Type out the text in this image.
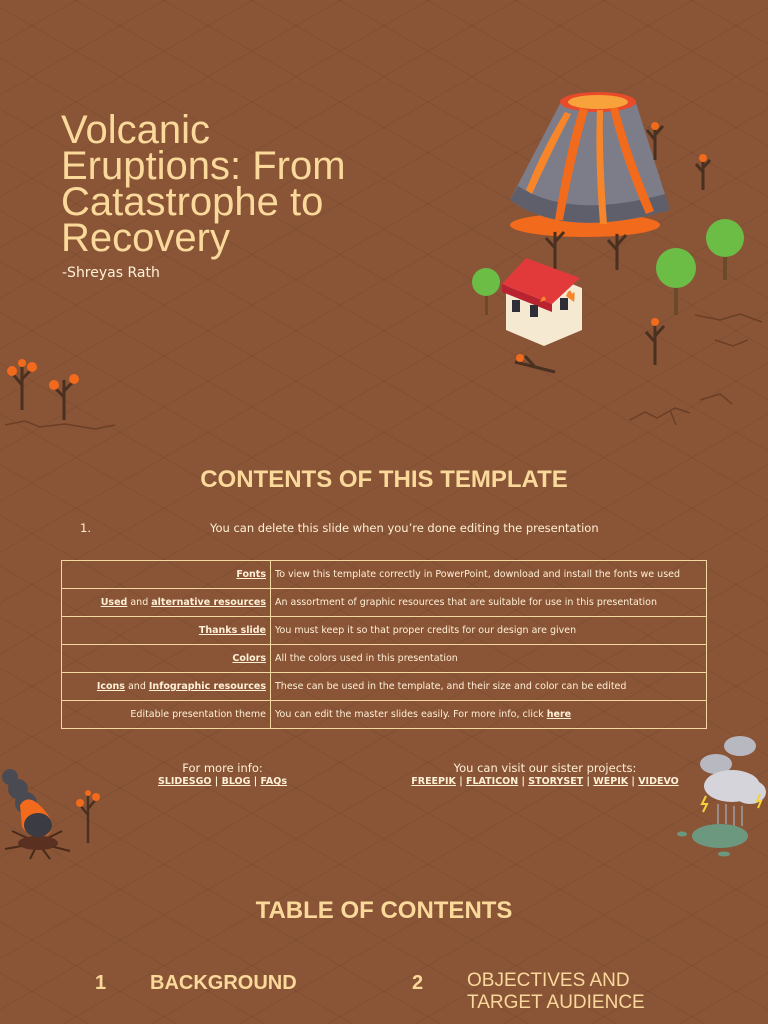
Volcanic
Eruptions: From
Catastrophe to
Recovery
-Shreyas Rath
CONTENTS OF THIS TEMPLATE
1.	You can delete this slide when you’re done editing the presentation
Fonts	To view this template correctly in PowerPoint, download and install the fonts we used
Used and alternative resources	An assortment of graphic resources that are suitable for use in this presentation
Thanks slide	You must keep it so that proper credits for our design are given
Colors	All the colors used in this presentation
Icons and Infographic resources	These can be used in the template, and their size and color can be edited
Editable presentation theme	You can edit the master slides easily. For more info, click here
For more info:
SLIDESGO | BLOG | FAQs
You can visit our sister projects:
FREEPIK | FLATICON | STORYSET | WEPIK | VIDEVO
TABLE OF CONTENTS
1 BACKGROUND	2 OBJECTIVES AND
TARGET AUDIENCE
